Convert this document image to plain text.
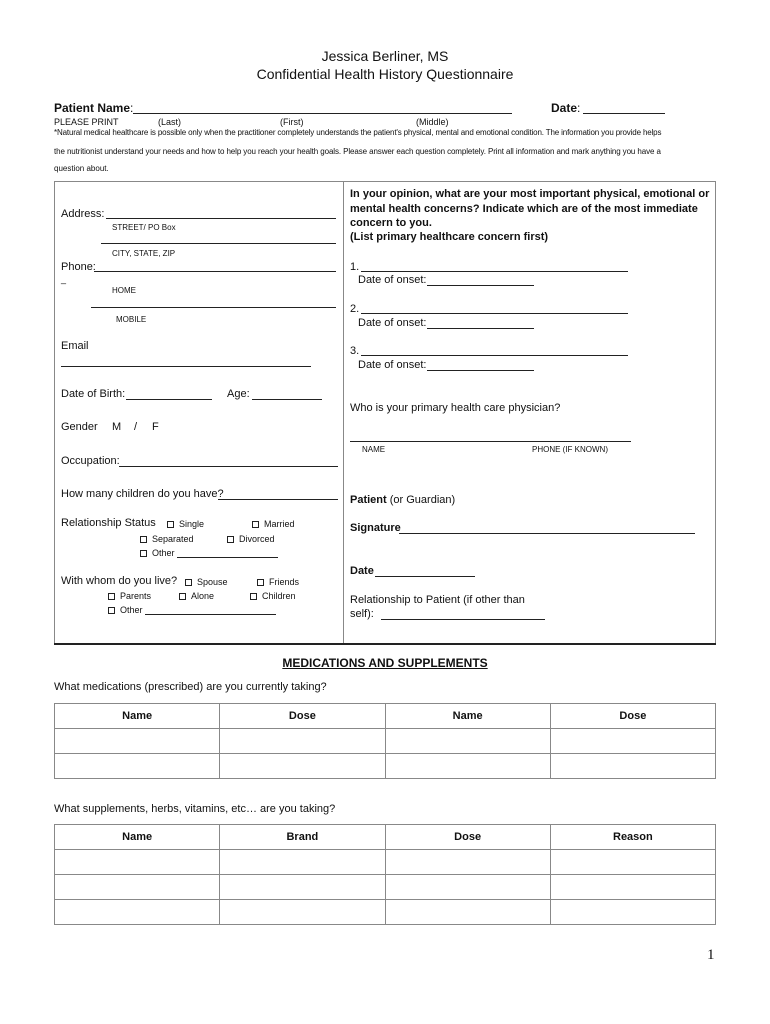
Jessica Berliner, MS
Confidential Health History Questionnaire
Patient Name:	Date:
PLEASE PRINT	(Last)	(First)	(Middle)
*Natural medical healthcare is possible only when the practitioner completely understands the patient's physical, mental and emotional condition. The information you provide helps
the nutritionist understand your needs and how to help you reach your health goals. Please answer each question completely. Print all information and mark anything you have a
question about.
Address:
STREET/ PO Box
CITY, STATE, ZIP
Phone:
_
HOME
MOBILE
Email
Date of Birth:	Age:
Gender M / F
Occupation:
How many children do you have?
Relationship Status	Single	Married
Separated	Divorced
Other
With whom do you live?	Spouse	Friends
Parents	Alone	Children
Other
In your opinion, what are your most important physical, emotional or
mental health concerns? Indicate which are of the most immediate
concern to you.
(List primary healthcare concern first)
1.
Date of onset:
2.
Date of onset:
3.
Date of onset:
Who is your primary health care physician?
NAME	PHONE (IF KNOWN)
Patient (or Guardian)
Signature
Date
Relationship to Patient (if other than
self):
MEDICATIONS AND SUPPLEMENTS
What medications (prescribed) are you currently taking?
Name	Dose	Name	Dose

What supplements, herbs, vitamins, etc… are you taking?
Name	Brand	Dose	Reason

1
